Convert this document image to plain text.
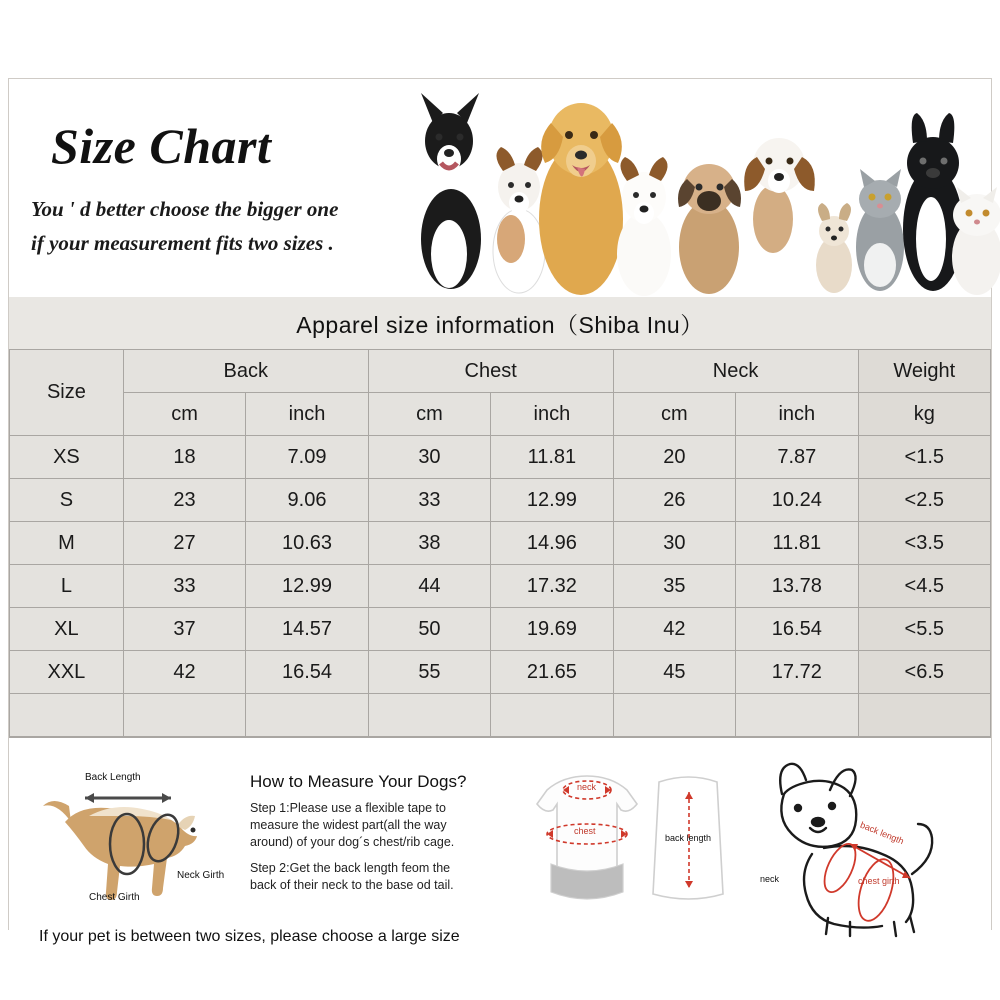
Size Chart
You ' d better choose the bigger one
if your measurement fits two sizes .
Apparel size information（Shiba Inu）
Size	Back		Chest		Neck		Weight
	cm	inch	cm	inch	cm	inch	kg
XS	18	7.09	30	11.81	20	7.87	<1.5
S	23	9.06	33	12.99	26	10.24	<2.5
M	27	10.63	38	14.96	30	11.81	<3.5
L	33	12.99	44	17.32	35	13.78	<4.5
XL	37	14.57	50	19.69	42	16.54	<5.5
XXL	42	16.54	55	21.65	45	17.72	<6.5

Back Length
Neck Girth
Chest Girth
How to Measure Your Dogs?
Step 1:Please use a flexible tape to measure the widest part(all the way around) of your dog´s chest/rib cage.
Step 2:Get the back length feom the back of their neck to the base od tail.
If your pet is between two sizes, please choose a large size
neck
chest
back length	back length
neck	chest girth
